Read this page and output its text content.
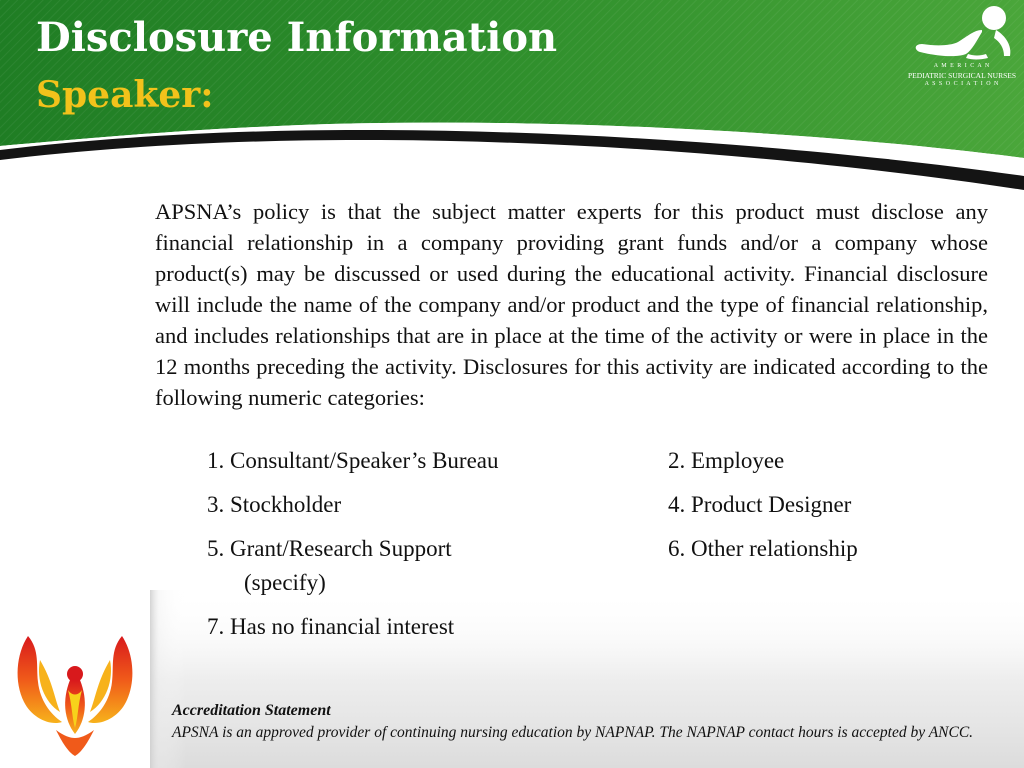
Disclosure Information
Speaker:
A M E R I C A N
PEDIATRIC SURGICAL NURSES
A S S O C I A T I O N

APSNA’s policy is that the subject matter experts for this product must disclose any financial relationship in a company providing grant funds and/or a company whose product(s) may be discussed or used during the educational activity. Financial disclosure will include the name of the company and/or product and the type of financial relationship, and includes relationships that are in place at the time of the activity or were in place in the 12 months preceding the activity. Disclosures for this activity are indicated according to the following numeric categories:

1. Consultant/Speaker’s Bureau	2. Employee
3. Stockholder	4. Product Designer
5. Grant/Research Support	6. Other relationship
(specify)
7. Has no financial interest
Accreditation Statement
APSNA is an approved provider of continuing nursing education by NAPNAP. The NAPNAP contact hours is accepted by ANCC.
